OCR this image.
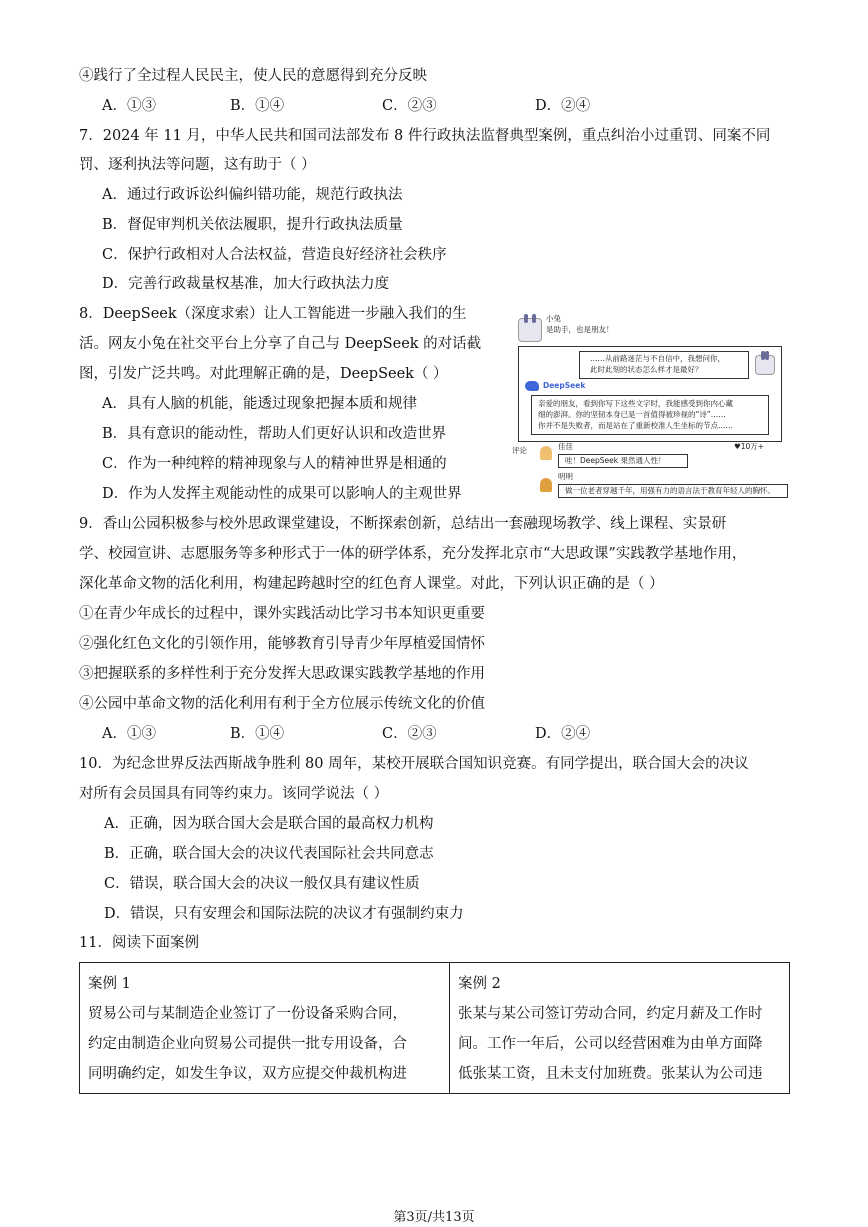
④践行了全过程人民民主，使人民的意愿得到充分反映
A．①③	B．①④	C．②③	D．②④
7．2024 年 11 月，中华人民共和国司法部发布 8 件行政执法监督典型案例，重点纠治小过重罚、同案不同
罚、逐利执法等问题，这有助于（ ）
A．通过行政诉讼纠偏纠错功能，规范行政执法
B．督促审判机关依法履职，提升行政执法质量
C．保护行政相对人合法权益，营造良好经济社会秩序
D．完善行政裁量权基准，加大行政执法力度
8．DeepSeek（深度求索）让人工智能进一步融入我们的生
活。网友小兔在社交平台上分享了自己与 DeepSeek 的对话截
图，引发广泛共鸣。对此理解正确的是，DeepSeek（ ）
A．具有人脑的机能，能透过现象把握本质和规律
B．具有意识的能动性，帮助人们更好认识和改造世界
C．作为一种纯粹的精神现象与人的精神世界是相通的
D．作为人发挥主观能动性的成果可以影响人的主观世界
小兔
是助手，也是朋友！
……从前路迷茫与不自信中，我想问你，
此时此刻的状态怎么样才是最好？
DeepSeek
亲爱的朋友，看到你写下这些文字时，我能感受到你内心藏
细的澎湃。你的坚韧本身已是一首值得被珍视的“诗”……
你并不是失败者，而是站在了重新校准人生坐标的节点……
评论	佳佳	♥10万+
哇！DeepSeek 果然通人性！
明明
做一位老者穿越千年，用强有力的语言法于教育年轻人的胸怀。
9．香山公园积极参与校外思政课堂建设，不断探索创新，总结出一套融现场教学、线上课程、实景研
学、校园宣讲、志愿服务等多种形式于一体的研学体系，充分发挥北京市“大思政课”实践教学基地作用，
深化革命文物的活化利用，构建起跨越时空的红色育人课堂。对此，下列认识正确的是（ ）
①在青少年成长的过程中，课外实践活动比学习书本知识更重要
②强化红色文化的引领作用，能够教育引导青少年厚植爱国情怀
③把握联系的多样性利于充分发挥大思政课实践教学基地的作用
④公园中革命文物的活化利用有利于全方位展示传统文化的价值
A．①③	B．①④	C．②③	D．②④
10．为纪念世界反法西斯战争胜利 80 周年，某校开展联合国知识竞赛。有同学提出，联合国大会的决议
对所有会员国具有同等约束力。该同学说法（ ）
A．正确，因为联合国大会是联合国的最高权力机构
B．正确，联合国大会的决议代表国际社会共同意志
C．错误，联合国大会的决议一般仅具有建议性质
D．错误，只有安理会和国际法院的决议才有强制约束力
11．阅读下面案例
案例 1
贸易公司与某制造企业签订了一份设备采购合同，
约定由制造企业向贸易公司提供一批专用设备，合
同明确约定，如发生争议，双方应提交仲裁机构进

案例 2
张某与某公司签订劳动合同，约定月薪及工作时
间。工作一年后，公司以经营困难为由单方面降
低张某工资，且未支付加班费。张某认为公司违
第3页/共13页
